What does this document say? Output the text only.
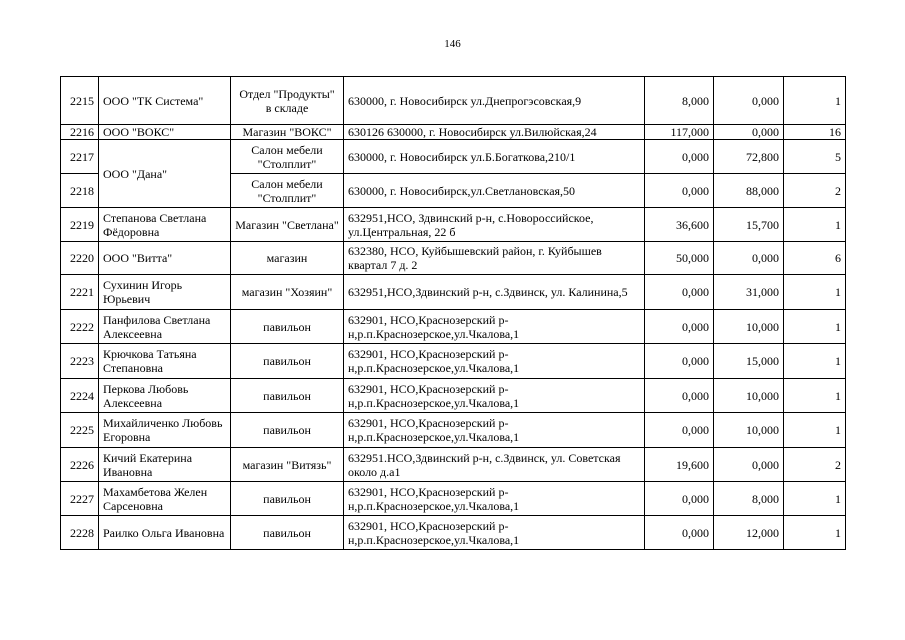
146
2215	ООО "ТК Система"	Отдел "Продукты" в складе	630000, г. Новосибирск ул.Днепрогэсовская,9	8,000	0,000	1
2216	ООО "ВОКС"	Магазин "ВОКС"	630126 630000, г. Новосибирск ул.Вилюйская,24	117,000	0,000	16
2217	ООО "Дана"	Салон мебели "Столплит"	630000, г. Новосибирск ул.Б.Богаткова,210/1	0,000	72,800	5
2218		Салон мебели "Столплит"	630000, г. Новосибирск,ул.Светлановская,50	0,000	88,000	2
2219	Степанова Светлана Фёдоровна	Магазин "Светлана"	632951,НСО, Здвинский р-н, с.Новороссийское, ул.Центральная, 22 б	36,600	15,700	1
2220	ООО "Витта"	магазин	632380, НСО, Куйбышевский район, г. Куйбышев квартал 7 д. 2	50,000	0,000	6
2221	Сухинин Игорь Юрьевич	магазин "Хозяин"	632951,НСО,Здвинский р-н, с.Здвинск, ул. Калинина,5	0,000	31,000	1
2222	Панфилова Светлана Алексеевна	павильон	632901, НСО,Краснозерский р-н,р.п.Краснозерское,ул.Чкалова,1	0,000	10,000	1
2223	Крючкова Татьяна Степановна	павильон	632901, НСО,Краснозерский р-н,р.п.Краснозерское,ул.Чкалова,1	0,000	15,000	1
2224	Перкова Любовь Алексеевна	павильон	632901, НСО,Краснозерский р-н,р.п.Краснозерское,ул.Чкалова,1	0,000	10,000	1
2225	Михайличенко Любовь Егоровна	павильон	632901, НСО,Краснозерский р-н,р.п.Краснозерское,ул.Чкалова,1	0,000	10,000	1
2226	Кичий Екатерина Ивановна	магазин "Витязь"	632951.НСО,Здвинский р-н, с.Здвинск, ул. Советская около д.а1	19,600	0,000	2
2227	Махамбетова Желен Сарсеновна	павильон	632901, НСО,Краснозерский р-н,р.п.Краснозерское,ул.Чкалова,1	0,000	8,000	1
2228	Раилко Ольга Ивановна	павильон	632901, НСО,Краснозерский р-н,р.п.Краснозерское,ул.Чкалова,1	0,000	12,000	1
